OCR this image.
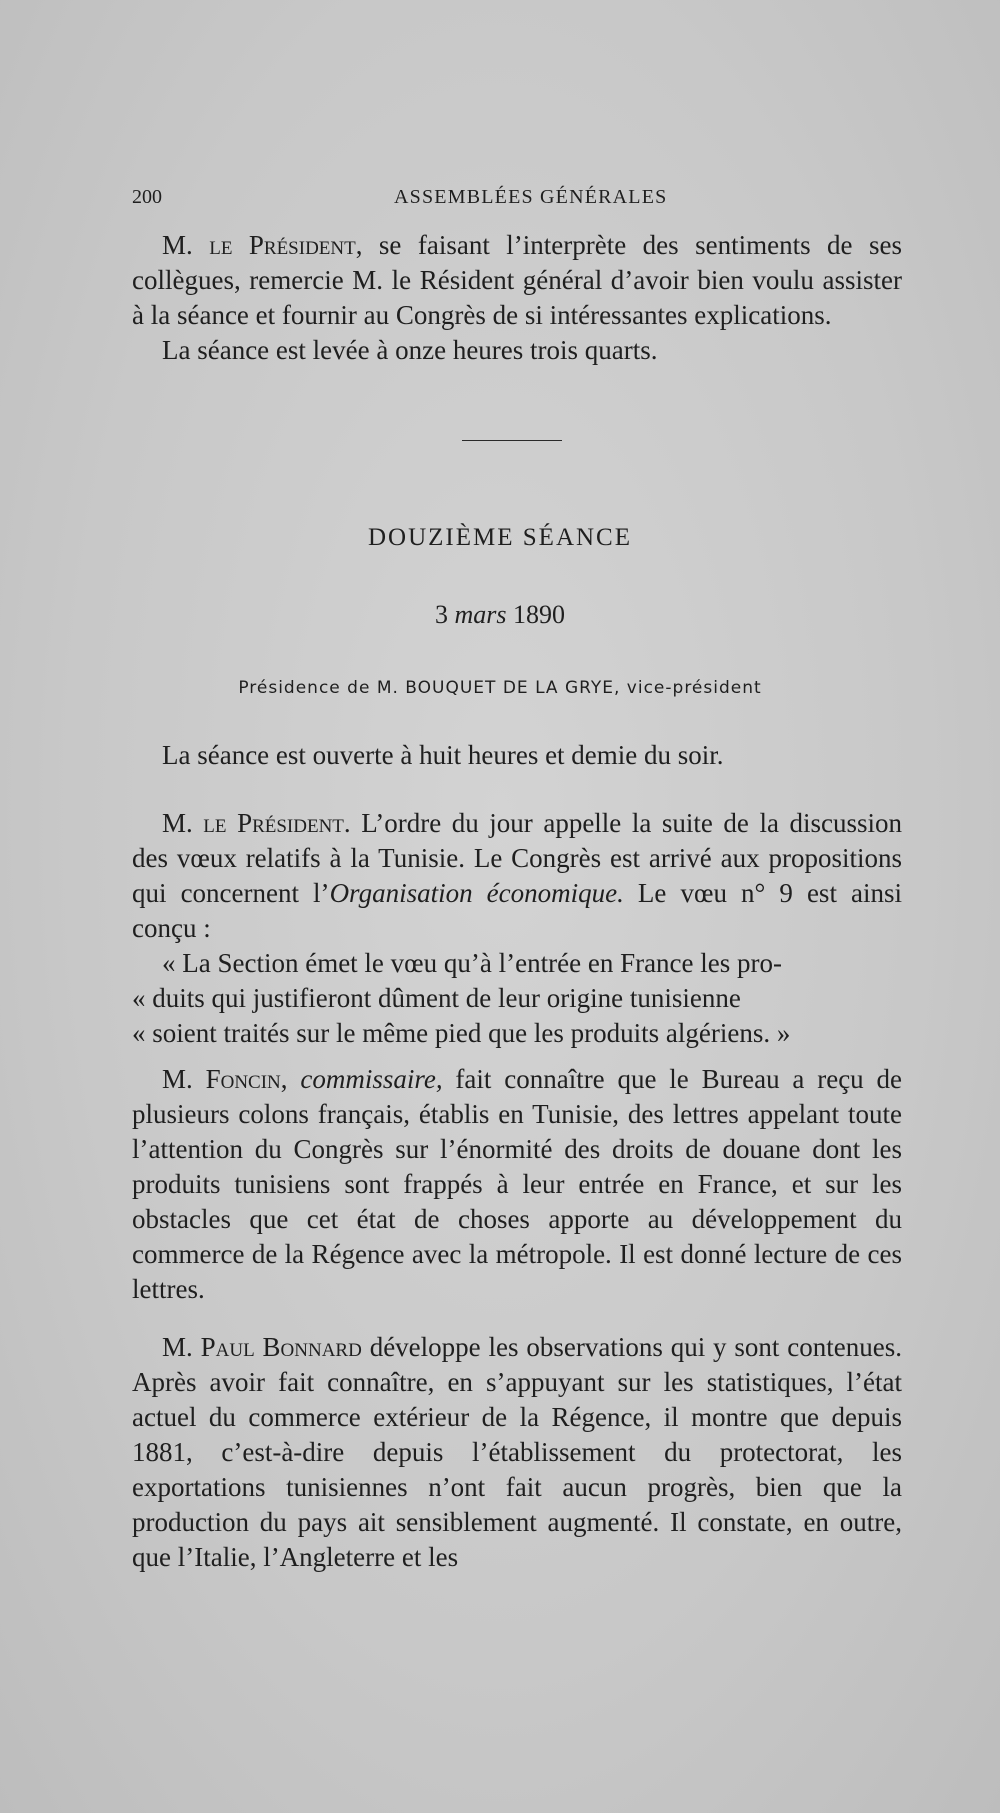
200	ASSEMBLÉES GÉNÉRALES

M. le Président, se faisant l’interprète des sentiments de ses collègues, remercie M. le Résident général d’avoir bien voulu assister à la séance et fournir au Congrès de si intéressantes explications.

La séance est levée à onze heures trois quarts.

DOUZIÈME SÉANCE
3 mars 1890
Présidence de M. BOUQUET DE LA GRYE, vice-président

La séance est ouverte à huit heures et demie du soir.

M. le Président. L’ordre du jour appelle la suite de la discussion des vœux relatifs à la Tunisie. Le Congrès est arrivé aux propositions qui concernent l’Organisation économique. Le vœu n° 9 est ainsi conçu :

« La Section émet le vœu qu’à l’entrée en France les pro-

« duits qui justifieront dûment de leur origine tunisienne

« soient traités sur le même pied que les produits algériens. »

M. Foncin, commissaire, fait connaître que le Bureau a reçu de plusieurs colons français, établis en Tunisie, des lettres appelant toute l’attention du Congrès sur l’énormité des droits de douane dont les produits tunisiens sont frappés à leur entrée en France, et sur les obstacles que cet état de choses apporte au développement du commerce de la Régence avec la métropole. Il est donné lecture de ces lettres.

M. Paul Bonnard développe les observations qui y sont contenues. Après avoir fait connaître, en s’appuyant sur les statistiques, l’état actuel du commerce extérieur de la Régence, il montre que depuis 1881, c’est-à-dire depuis l’établissement du protectorat, les exportations tunisiennes n’ont fait aucun progrès, bien que la production du pays ait sensiblement augmenté. Il constate, en outre, que l’Italie, l’Angleterre et les
